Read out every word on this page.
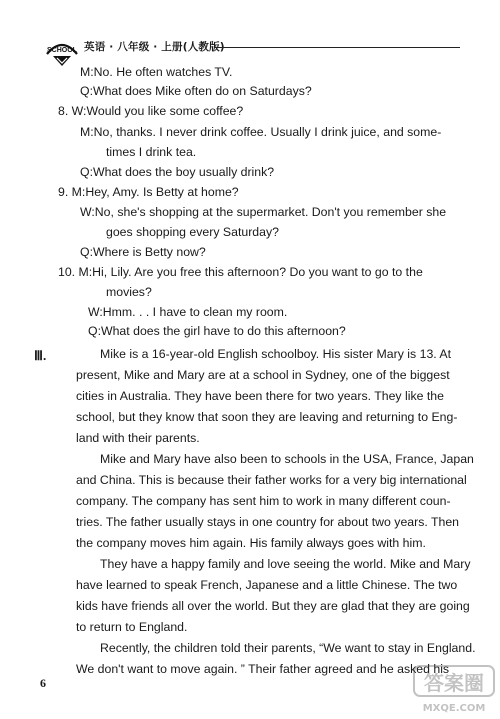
SCHOOL 英语 · 八年级 · 上册(人教版)
M:No. He often watches TV.
Q:What does Mike often do on Saturdays?
8. W:Would you like some coffee?
M:No, thanks. I never drink coffee. Usually I drink juice, and some-
times I drink tea.
Q:What does the boy usually drink?
9. M:Hey, Amy. Is Betty at home?
W:No, she's shopping at the supermarket. Don't you remember she
goes shopping every Saturday?
Q:Where is Betty now?
10. M:Hi, Lily. Are you free this afternoon? Do you want to go to the
movies?
W:Hmm. . . I have to clean my room.
Q:What does the girl have to do this afternoon?
Ⅲ.	Mike is a 16-year-old English schoolboy. His sister Mary is 13. At
present, Mike and Mary are at a school in Sydney, one of the biggest
cities in Australia. They have been there for two years. They like the
school, but they know that soon they are leaving and returning to Eng-
land with their parents.
Mike and Mary have also been to schools in the USA, France, Japan
and China. This is because their father works for a very big international
company. The company has sent him to work in many different coun-
tries. The father usually stays in one country for about two years. Then
the company moves him again. His family always goes with him.
They have a happy family and love seeing the world. Mike and Mary
have learned to speak French, Japanese and a little Chinese. The two
kids have friends all over the world. But they are glad that they are going
to return to England.
Recently, the children told their parents, “We want to stay in England.
We don't want to move again. ” Their father agreed and he asked his
6	答案圈
MXQE.COM
